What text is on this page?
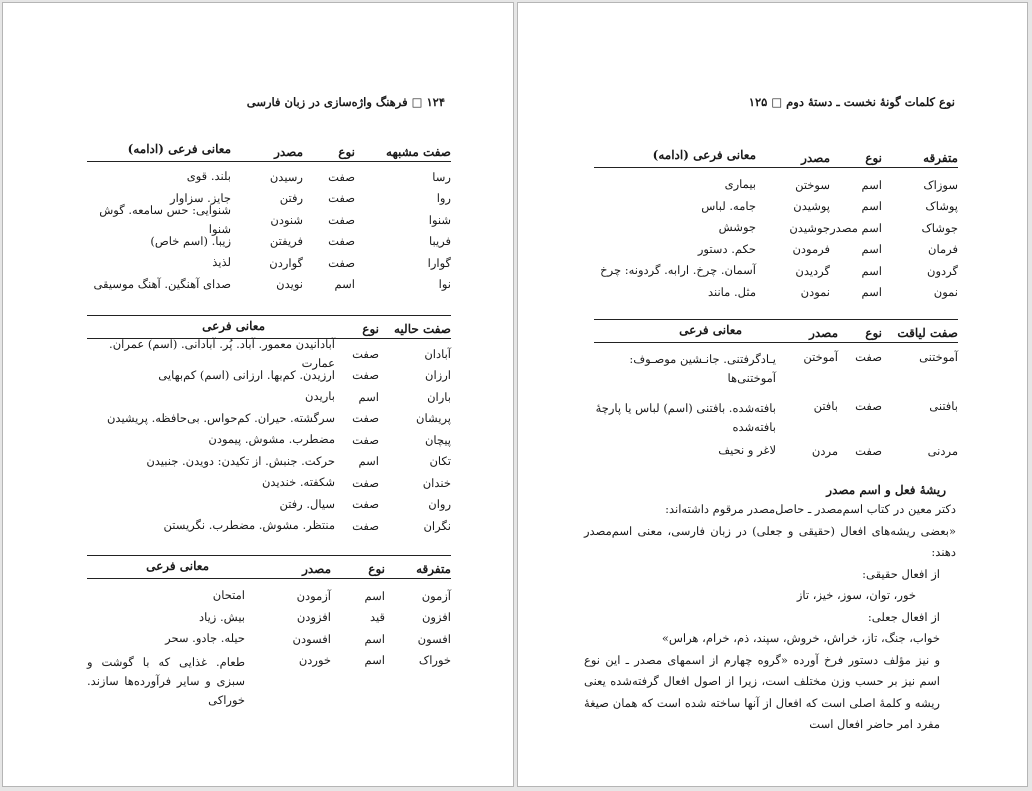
۱۲۴ □ فرهنگ واژه‌سازی در زبان فارسی
صفت مشبهه
نوع
مصدر
معانی فرعی (ادامه)
رسا
صفت
رسیدن
بلند. قوی
روا
صفت
رفتن
جایز. سزاوار
شنوا
صفت
شنودن
شنوایی: حس سامعه. گوش شنوا
فریبا
صفت
فریفتن
زیبا. (اسم خاص)
گوارا
صفت
گواردن
لذیذ
نوا
اسم
نویدن
صدای آهنگین. آهنگ موسیقی
صفت حالیه
نوع
معانی فرعی
آبادان
صفت
آبادانیدن معمور. آباد. پُر. آبادانی. (اسم) عمران. عمارت
ارزان
صفت
ارزیدن. کم‌بها. ارزانی (اسم) کم‌بهایی
باران
اسم
باریدن
پریشان
صفت
سرگشته. حیران. کم‌حواس. بی‌حافظه. پریشیدن
پیچان
صفت
مضطرب. مشوش. پیمودن
تکان
اسم
حرکت. جنبش. از تکیدن: دویدن. جنبیدن
خندان
صفت
شکفته. خندیدن
روان
صفت
سیال. رفتن
نگران
صفت
منتظر. مشوش. مضطرب. نگریستن
متفرقه
نوع
مصدر
معانی فرعی
آزمون
اسم
آزمودن
امتحان
افزون
قید
افزودن
بیش. زیاد
افسون
اسم
افسودن
حیله. جادو. سحر
خوراک
اسم
خوردن
طعام. غذایی که با گوشت و سبزی و سایر فرآورده‌ها سازند. خوراکی
نوع کلمات گونهٔ نخست ـ دستهٔ دوم □ ۱۲۵
متفرقه
نوع
مصدر
معانی فرعی (ادامه)
سوزاک
اسم
سوختن
بیماری
پوشاک
اسم
پوشیدن
جامه. لباس
جوشاک
اسم مصدر
جوشیدن
جوشش
فرمان
اسم
فرمودن
حکم. دستور
گردون
اسم
گردیدن
آسمان. چرخ. ارابه. گردونه: چرخ
نمون
اسم
نمودن
مثل. مانند
صفت لیاقت
نوع
مصدر
معانی فرعی
آموختنی
صفت
آموختن
یـادگرفتنی. جانـشین موصـوف: آموختنی‌ها
بافتنی
صفت
بافتن
بافته‌شده. بافتنی (اسم) لباس یا پارچهٔ بافته‌شده
مردنی
صفت
مردن
لاغر و نحیف
ریشهٔ فعل و اسم مصدر
دکتر معین در کتاب اسم‌مصدر ـ حاصل‌مصدر مرقوم داشته‌اند:
«بعضی ریشه‌های افعال (حقیقی و جعلی) در زبان فارسی، معنی اسم‌مصدر دهند:
از افعال حقیقی:
خور، توان، سوز، خیز، تاز
از افعال جعلی:
خواب، جنگ، تاز، خراش، خروش، سپند، ذم، خرام، هراس»
و نیز مؤلف دستور فرخ آورده «گروه چهارم از اسمهای مصدر ـ این نوع اسم نیز بر حسب وزن مختلف است، زیرا از اصول افعال گرفته‌شده یعنی ریشه و کلمهٔ اصلی است که افعال از آنها ساخته شده است که همان صیغهٔ مفرد امر حاضر افعال است
